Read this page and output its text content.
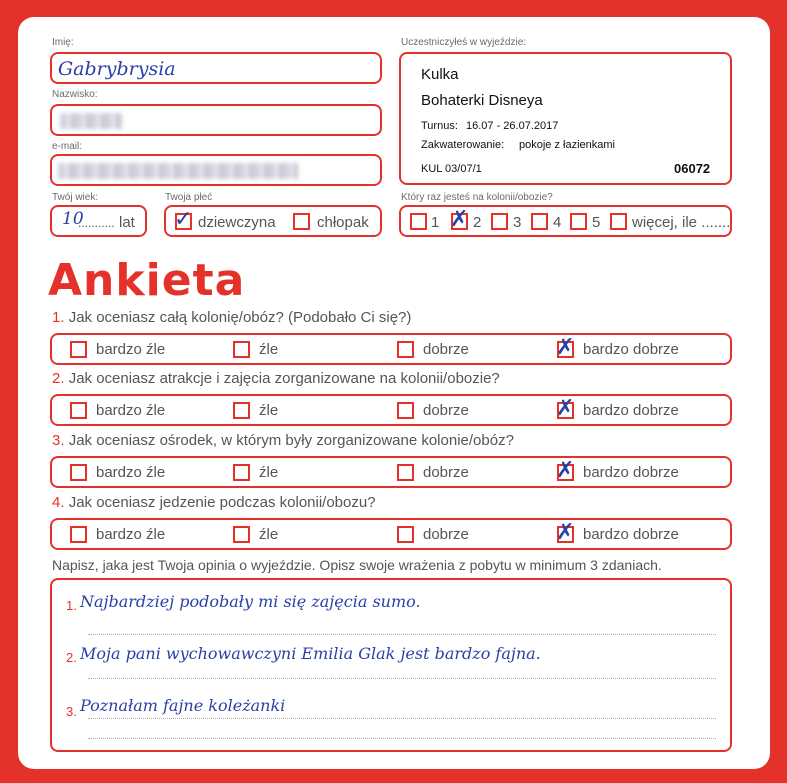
Imię:
Gabrybrysia
Nazwisko:
e-mail:
Twój wiek:
10
........... lat
Twoja płeć
✓ dziewczyna	chłopak
Uczestniczyłeś w wyjeździe:
Kulka
Bohaterki Disneya
Turnus: 16.07 - 26.07.2017
Zakwaterowanie: pokoje z łazienkami
KUL 03/07/1	06072
Który raz jesteś na kolonii/obozie?
1 ✗ 2 3 4 5 więcej, ile .......
Ankieta
1. Jak oceniasz całą kolonię/obóz? (Podobało Ci się?)
bardzo źle	źle	dobrze	✗ bardzo dobrze
2. Jak oceniasz atrakcje i zajęcia zorganizowane na kolonii/obozie?
bardzo źle	źle	dobrze	✗ bardzo dobrze
3. Jak oceniasz ośrodek, w którym były zorganizowane kolonie/obóz?
bardzo źle	źle	dobrze	✗ bardzo dobrze
4. Jak oceniasz jedzenie podczas kolonii/obozu?
bardzo źle	źle	dobrze	✗ bardzo dobrze
Napisz, jaka jest Twoja opinia o wyjeździe. Opisz swoje wrażenia z pobytu w minimum 3 zdaniach.
1. Najbardziej podobały mi się zajęcia sumo.
2. Moja pani wychowawczyni Emilia Glak jest bardzo fajna.
3. Poznałam fajne koleżanki
